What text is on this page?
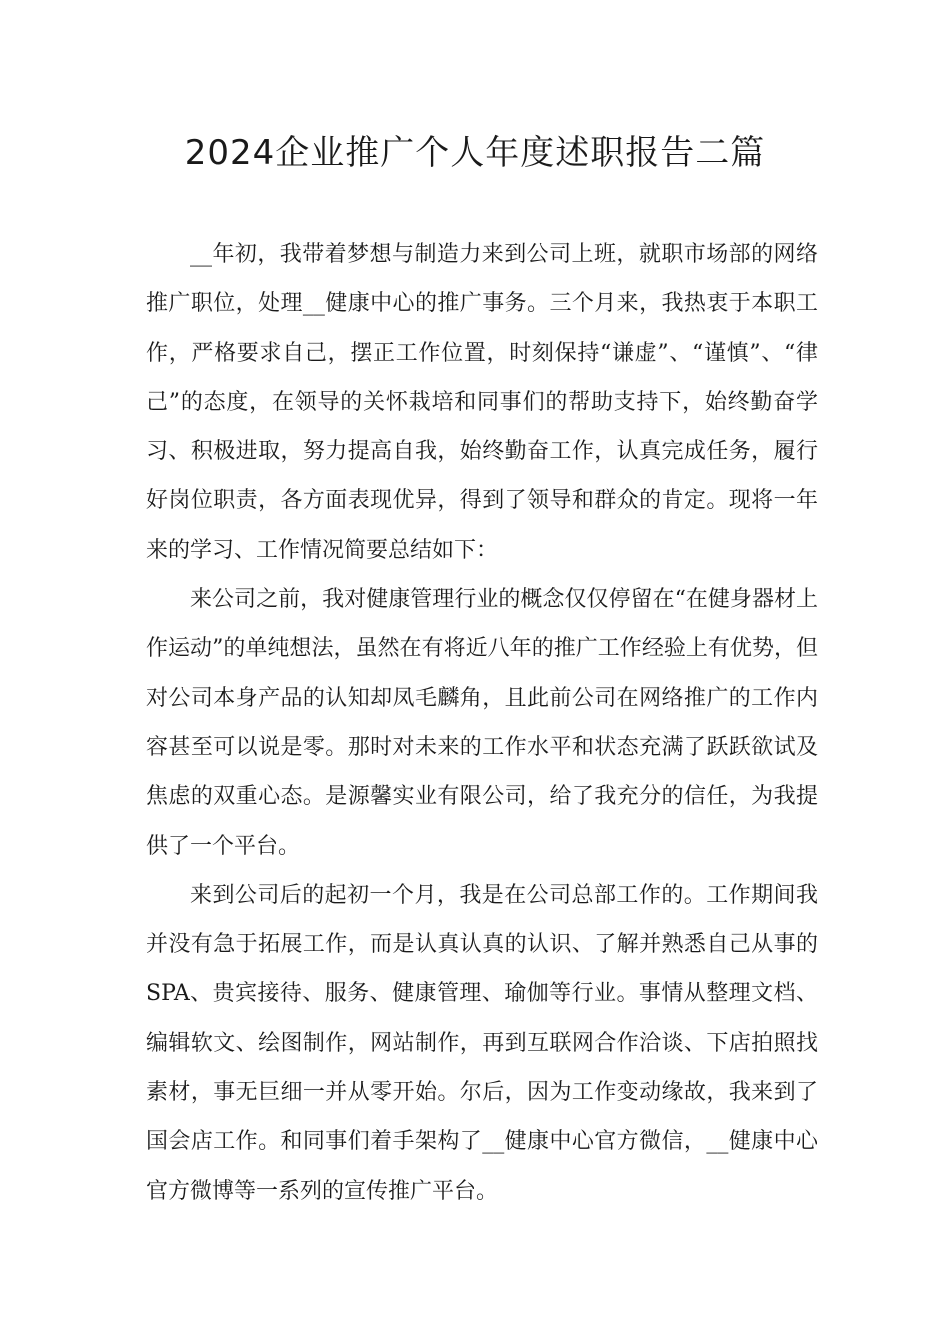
2024企业推广个人年度述职报告二篇

__年初，我带着梦想与制造力来到公司上班，就职市场部的网络推广职位，处理__健康中心的推广事务。三个月来，我热衷于本职工作，严格要求自己，摆正工作位置，时刻保持“谦虚”、“谨慎”、“律己”的态度，在领导的关怀栽培和同事们的帮助支持下，始终勤奋学习、积极进取，努力提高自我，始终勤奋工作，认真完成任务，履行好岗位职责，各方面表现优异，得到了领导和群众的肯定。现将一年来的学习、工作情况简要总结如下：

来公司之前，我对健康管理行业的概念仅仅停留在“在健身器材上作运动”的单纯想法，虽然在有将近八年的推广工作经验上有优势，但对公司本身产品的认知却凤毛麟角，且此前公司在网络推广的工作内容甚至可以说是零。那时对未来的工作水平和状态充满了跃跃欲试及焦虑的双重心态。是源馨实业有限公司，给了我充分的信任，为我提供了一个平台。

来到公司后的起初一个月，我是在公司总部工作的。工作期间我并没有急于拓展工作，而是认真认真的认识、了解并熟悉自己从事的SPA、贵宾接待、服务、健康管理、瑜伽等行业。事情从整理文档、编辑软文、绘图制作，网站制作，再到互联网合作洽谈、下店拍照找素材，事无巨细一并从零开始。尔后，因为工作变动缘故，我来到了国会店工作。和同事们着手架构了__健康中心官方微信，__健康中心官方微博等一系列的宣传推广平台。
